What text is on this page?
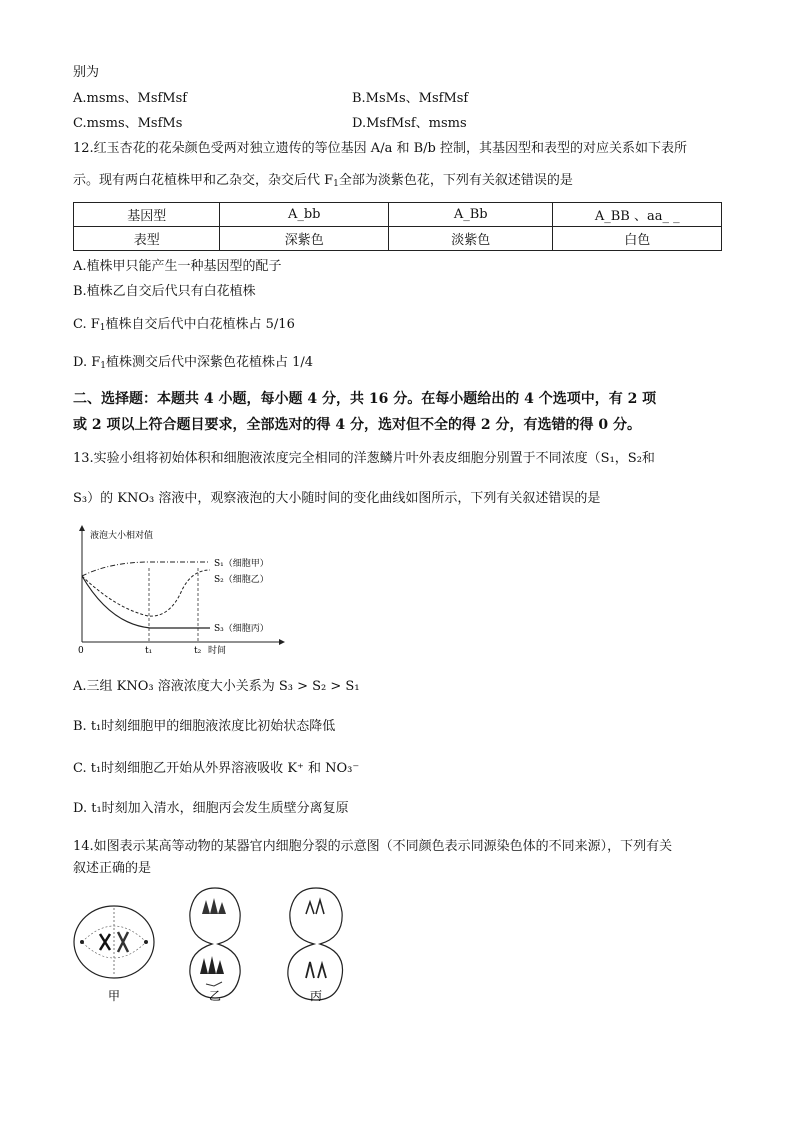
别为
A.msms、MsfMsf	B.MsMs、MsfMsf
C.msms、MsfMs	D.MsfMsf、msms
12.红玉杏花的花朵颜色受两对独立遗传的等位基因 A/a 和 B/b 控制，其基因型和表型的对应关系如下表所
示。现有两白花植株甲和乙杂交，杂交后代 $F_1$全部为淡紫色花，下列有关叙述错误的是
基因型	A_bb	A_Bb	A_BB 、aa_ _
表型	深紫色	淡紫色	白色
A.植株甲只能产生一种基因型的配子
B.植株乙自交后代只有白花植株
C. $F_1$植株自交后代中白花植株占 5/16
D. $F_1$植株测交后代中深紫色花植株占 1/4
二、选择题：本题共 4 小题，每小题 4 分，共 16 分。在每小题给出的 4 个选项中，有 2 项
或 2 项以上符合题目要求，全部选对的得 4 分，选对但不全的得 2 分，有选错的得 0 分。
13.实验小组将初始体积和细胞液浓度完全相同的洋葱鳞片叶外表皮细胞分别置于不同浓度（S₁，S₂和
S₃）的 KNO₃ 溶液中，观察液泡的大小随时间的变化曲线如图所示，下列有关叙述错误的是
液泡大小相对值
0	t₁	t₂ 时间
S₁（细胞甲）
S₂（细胞乙）
S₃（细胞丙）
A.三组 KNO₃ 溶液浓度大小关系为 S₃ > S₂ > S₁
B. t₁时刻细胞甲的细胞液浓度比初始状态降低
C. t₁时刻细胞乙开始从外界溶液吸收 K⁺ 和 NO₃⁻
D. t₁时刻加入清水，细胞丙会发生质壁分离复原
14.如图表示某高等动物的某器官内细胞分裂的示意图（不同颜色表示同源染色体的不同来源），下列有关
叙述正确的是
甲	乙	丙
